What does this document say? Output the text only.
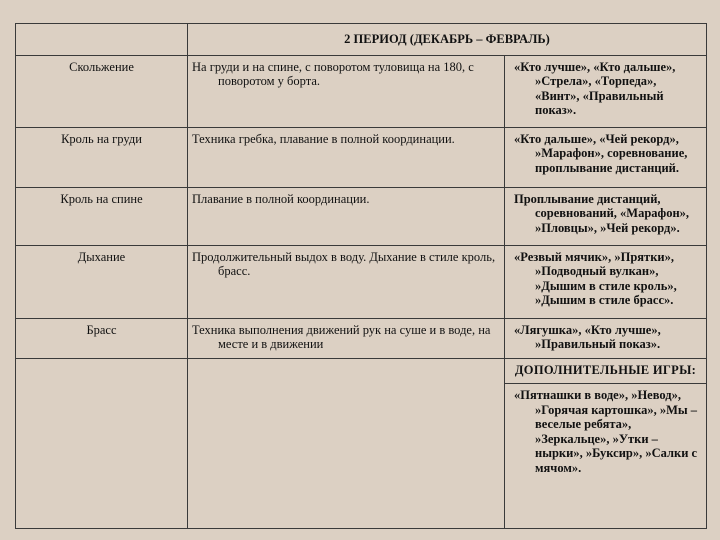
	2 ПЕРИОД (ДЕКАБРЬ – ФЕВРАЛЬ)	
Скольжение	На груди и на спине, с поворотом туловища на 180, с поворотом у борта.	«Кто лучше», «Кто дальше», »Стрела», «Торпеда», «Винт», «Правильный показ».
Кроль на груди	Техника гребка, плавание в полной координации.	«Кто дальше», «Чей рекорд», »Марафон», соревнование, проплывание дистанций.
Кроль на спине	Плавание в полной координации.	Проплывание дистанций, соревнований, «Марафон», »Пловцы», »Чей рекорд».
Дыхание	Продолжительный выдох в воду. Дыхание в стиле кроль, брасс.	«Резвый мячик», »Прятки», »Подводный вулкан», »Дышим в стиле кроль», »Дышим в стиле брасс».
Брасс	Техника выполнения движений рук на суше и в воде, на месте и в движении	«Лягушка», «Кто лучше», »Правильный показ».
		ДОПОЛНИТЕЛЬНЫЕ ИГРЫ:
		«Пятнашки в воде», »Невод», »Горячая картошка», »Мы – веселые ребята», »Зеркальце», »Утки – нырки», »Буксир», »Салки с мячом».
